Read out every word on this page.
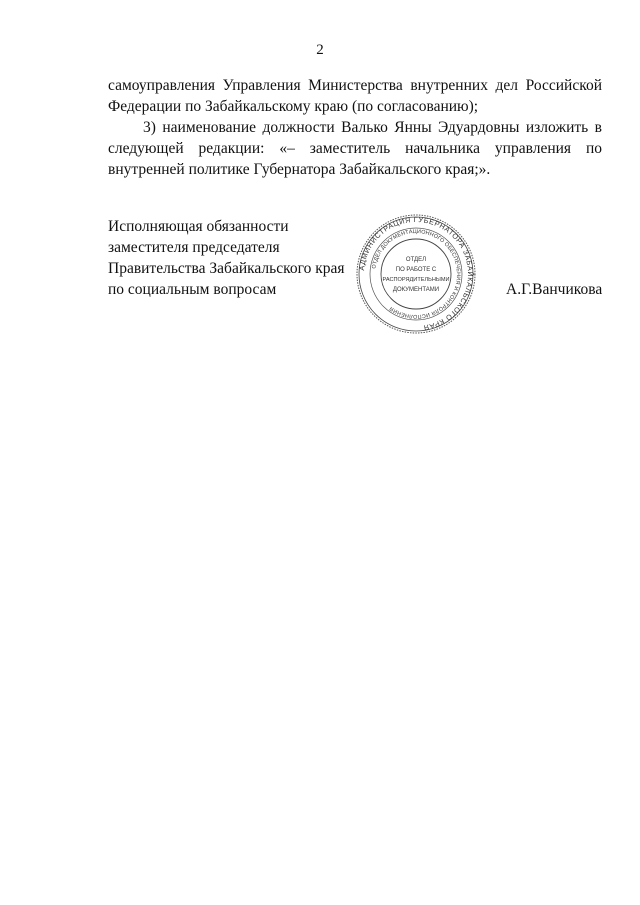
2

самоуправления Управления Министерства внутренних дел Российской Федерации по Забайкальскому краю (по согласованию);

3) наименование должности Валько Янны Эдуардовны изложить в следующей редакции: «– заместитель начальника управления по внутренней политике Губернатора Забайкальского края;».

Исполняющая обязанности
заместителя председателя
Правительства Забайкальского края
по социальным вопросам
АДМИНИСТРАЦИЯ ГУБЕРНАТОРА ЗАБАЙКАЛЬСКОГО КРАЯ
ОТДЕЛ ДОКУМЕНТАЦИОННОГО ОБЕСПЕЧЕНИЯ И КОНТРОЛЯ ИСПОЛНЕНИЯ
ОТДЕЛ
ПО РАБОТЕ С
РАСПОРЯДИТЕЛЬНЫМИ
ДОКУМЕНТАМИ	А.Г.Ванчикова
